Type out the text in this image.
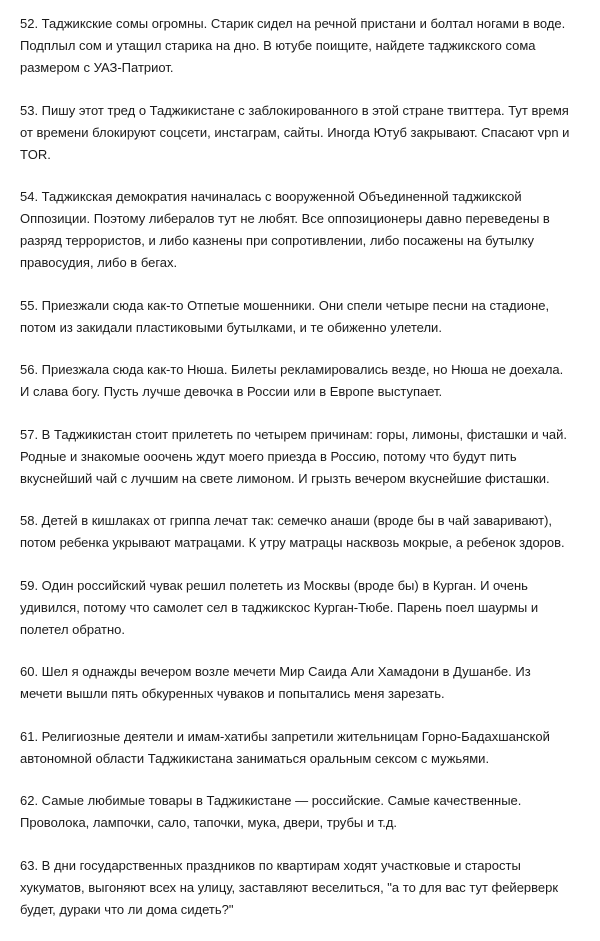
52. Таджикские сомы огромны. Старик сидел на речной пристани и болтал ногами в воде.
Подплыл сом и утащил старика на дно. В ютубе поищите, найдете таджикского сома
размером с УАЗ-Патриот.
53. Пишу этот тред о Таджикистане с заблокированного в этой стране твиттера. Тут время
от времени блокируют соцсети, инстаграм, сайты. Иногда Ютуб закрывают. Спасают vpn и
TOR.
54. Таджикская демократия начиналась с вооруженной Объединенной таджикской
Оппозиции. Поэтому либералов тут не любят. Все оппозиционеры давно переведены в
разряд террористов, и либо казнены при сопротивлении, либо посажены на бутылку
правосудия, либо в бегах.
55. Приезжали сюда как-то Отпетые мошенники. Они спели четыре песни на стадионе,
потом из закидали пластиковыми бутылками, и те обиженно улетели.
56. Приезжала сюда как-то Нюша. Билеты рекламировались везде, но Нюша не доехала.
И слава богу. Пусть лучше девочка в России или в Европе выступает.
57. В Таджикистан стоит прилететь по четырем причинам: горы, лимоны, фисташки и чай.
Родные и знакомые ооочень ждут моего приезда в Россию, потому что будут пить
вкуснейший чай с лучшим на свете лимоном. И грызть вечером вкуснейшие фисташки.
58. Детей в кишлаках от гриппа лечат так: семечко анаши (вроде бы в чай заваривают),
потом ребенка укрывают матрацами. К утру матрацы насквозь мокрые, а ребенок здоров.
59. Один российский чувак решил полететь из Москвы (вроде бы) в Курган. И очень
удивился, потому что самолет сел в таджикскос Курган-Тюбе. Парень поел шаурмы и
полетел обратно.
60. Шел я однажды вечером возле мечети Мир Саида Али Хамадони в Душанбе. Из
мечети вышли пять обкуренных чуваков и попытались меня зарезать.
61. Религиозные деятели и имам-хатибы запретили жительницам Горно-Бадахшанской
автономной области Таджикистана заниматься оральным сексом с мужьями.
62. Самые любимые товары в Таджикистане — российские. Самые качественные.
Проволока, лампочки, сало, тапочки, мука, двери, трубы и т.д.
63. В дни государственных праздников по квартирам ходят участковые и старосты
хукуматов, выгоняют всех на улицу, заставляют веселиться, "а то для вас тут фейерверк
будет, дураки что ли дома сидеть?"
